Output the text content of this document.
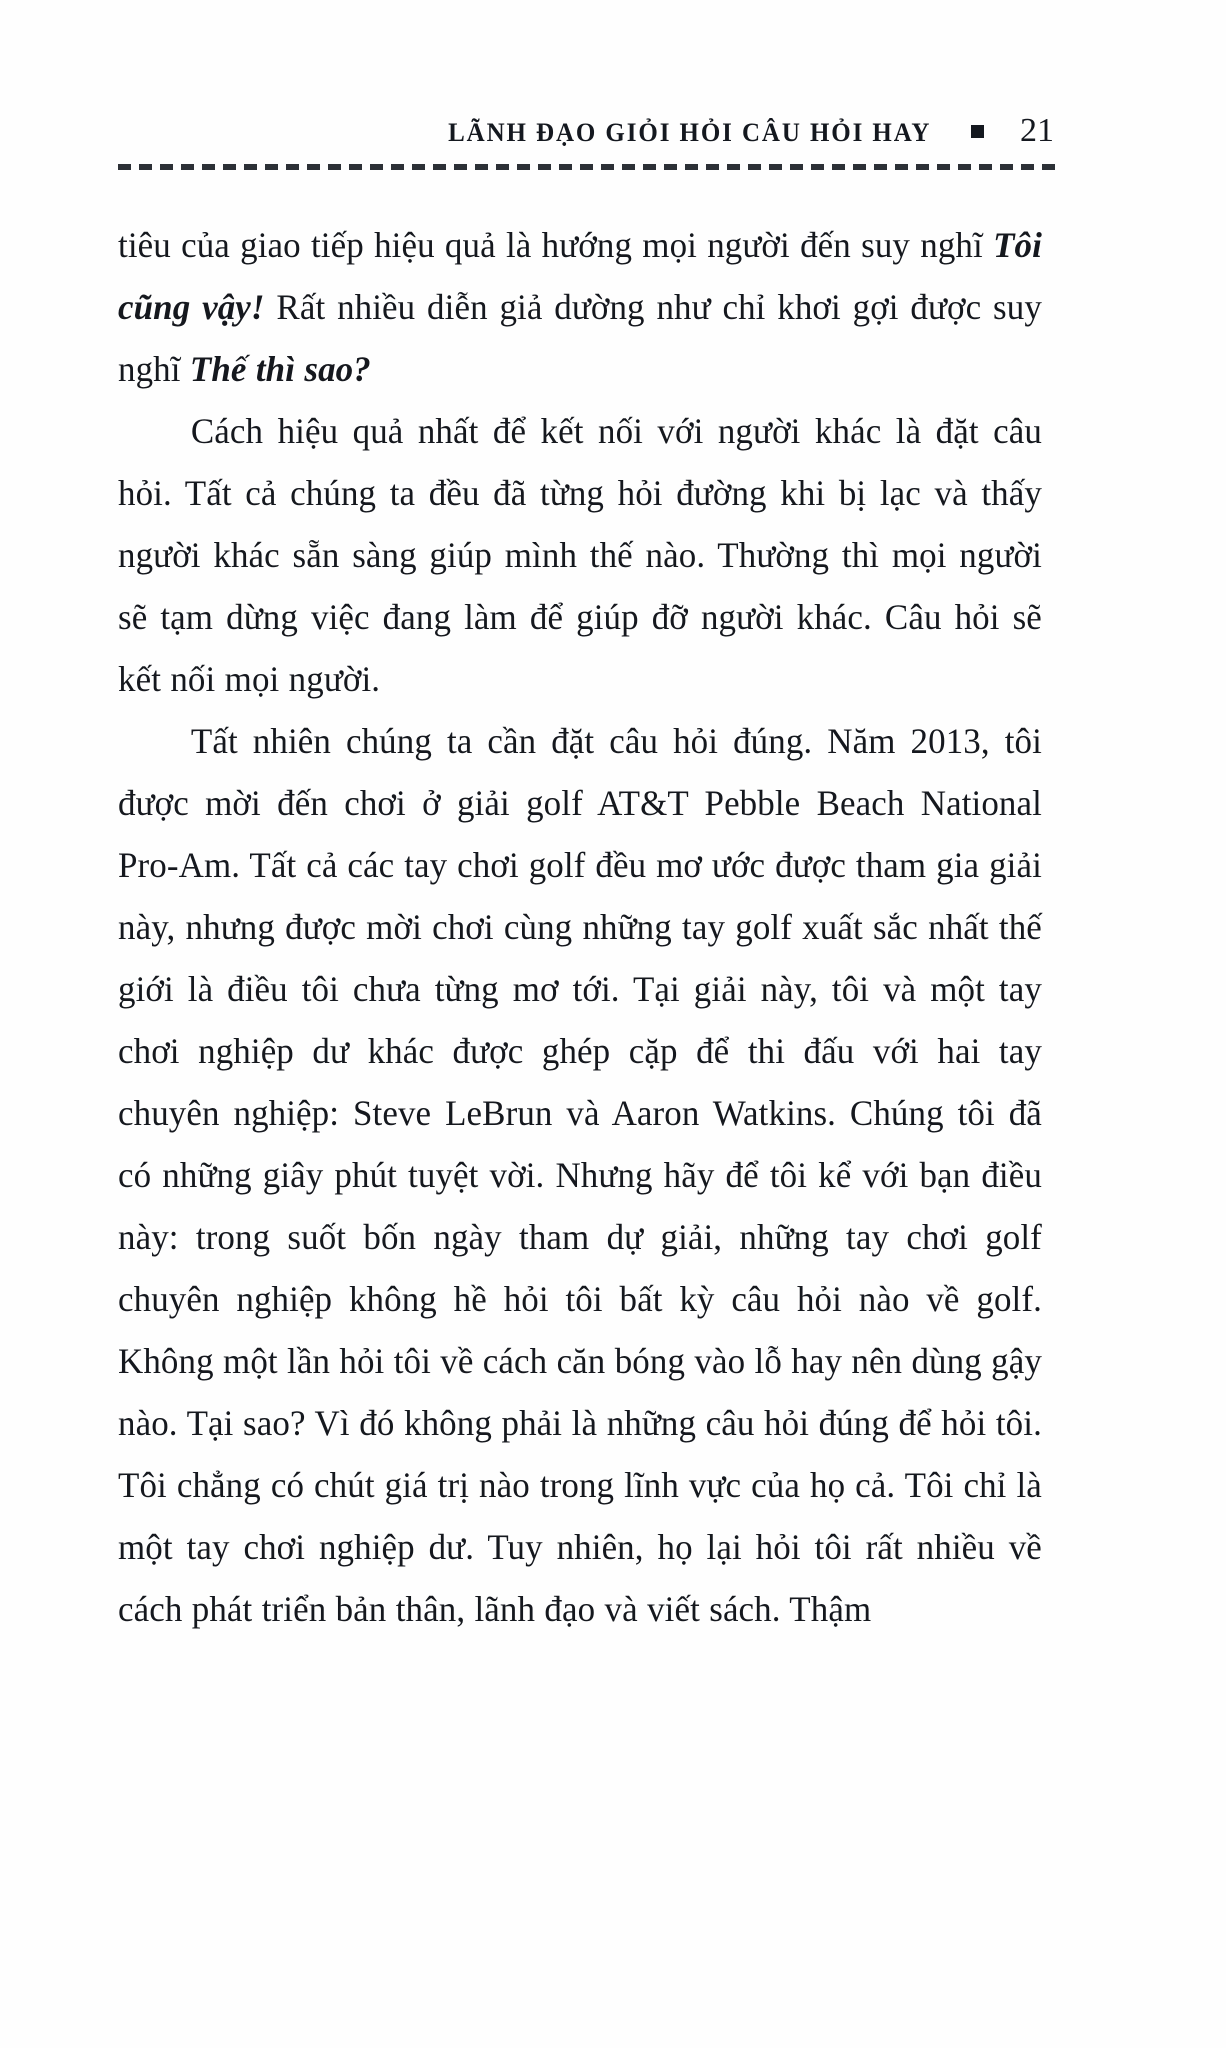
LÃNH ĐẠO GIỎI HỎI CÂU HỎI HAY	21

tiêu của giao tiếp hiệu quả là hướng mọi người đến suy nghĩ Tôi cũng vậy! Rất nhiều diễn giả dường như chỉ khơi gợi được suy nghĩ Thế thì sao?

Cách hiệu quả nhất để kết nối với người khác là đặt câu hỏi. Tất cả chúng ta đều đã từng hỏi đường khi bị lạc và thấy người khác sẵn sàng giúp mình thế nào. Thường thì mọi người sẽ tạm dừng việc đang làm để giúp đỡ người khác. Câu hỏi sẽ kết nối mọi người.

Tất nhiên chúng ta cần đặt câu hỏi đúng. Năm 2013, tôi được mời đến chơi ở giải golf AT&T Pebble Beach National Pro-Am. Tất cả các tay chơi golf đều mơ ước được tham gia giải này, nhưng được mời chơi cùng những tay golf xuất sắc nhất thế giới là điều tôi chưa từng mơ tới. Tại giải này, tôi và một tay chơi nghiệp dư khác được ghép cặp để thi đấu với hai tay chuyên nghiệp: Steve LeBrun và Aaron Watkins. Chúng tôi đã có những giây phút tuyệt vời. Nhưng hãy để tôi kể với bạn điều này: trong suốt bốn ngày tham dự giải, những tay chơi golf chuyên nghiệp không hề hỏi tôi bất kỳ câu hỏi nào về golf. Không một lần hỏi tôi về cách căn bóng vào lỗ hay nên dùng gậy nào. Tại sao? Vì đó không phải là những câu hỏi đúng để hỏi tôi. Tôi chẳng có chút giá trị nào trong lĩnh vực của họ cả. Tôi chỉ là một tay chơi nghiệp dư. Tuy nhiên, họ lại hỏi tôi rất nhiều về cách phát triển bản thân, lãnh đạo và viết sách. Thậm
